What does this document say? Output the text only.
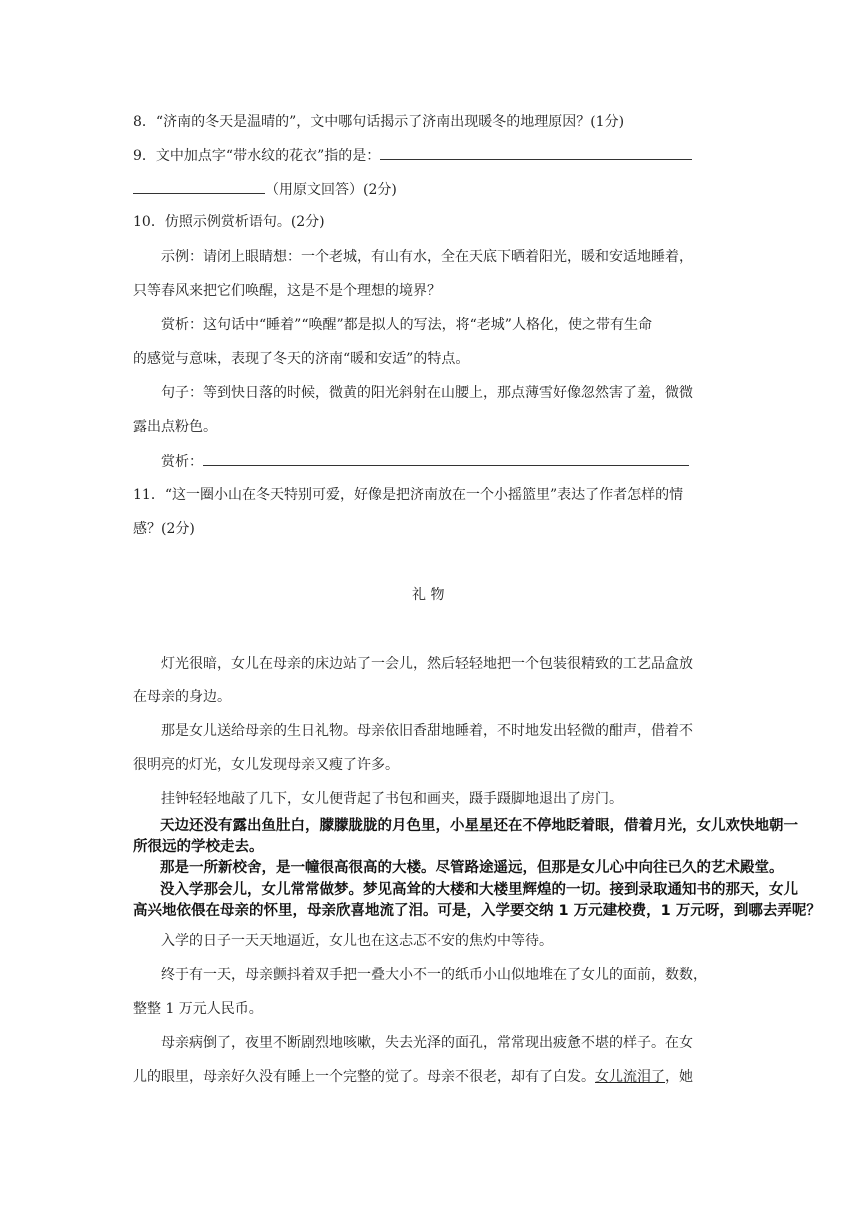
8．“济南的冬天是温晴的”，文中哪句话揭示了济南出现暖冬的地理原因？(1分)
9．文中加点字“带水纹的花衣”指的是：
（用原文回答）(2分)
10．仿照示例赏析语句。(2分)
示例：请闭上眼睛想：一个老城，有山有水，全在天底下晒着阳光，暖和安适地睡着，
只等春风来把它们唤醒，这是不是个理想的境界？
赏析：这句话中“睡着”“唤醒”都是拟人的写法，将“老城”人格化，使之带有生命
的感觉与意味，表现了冬天的济南“暖和安适”的特点。
句子：等到快日落的时候，微黄的阳光斜射在山腰上，那点薄雪好像忽然害了羞，微微
露出点粉色。
赏析：
11．“这一圈小山在冬天特别可爱，好像是把济南放在一个小摇篮里”表达了作者怎样的情
感？(2分)
礼 物
灯光很暗，女儿在母亲的床边站了一会儿，然后轻轻地把一个包装很精致的工艺品盒放
在母亲的身边。
那是女儿送给母亲的生日礼物。母亲依旧香甜地睡着，不时地发出轻微的酣声，借着不
很明亮的灯光，女儿发现母亲又瘦了许多。
挂钟轻轻地敲了几下，女儿便背起了书包和画夹，蹑手蹑脚地退出了房门。
天边还没有露出鱼肚白，朦朦胧胧的月色里，小星星还在不停地眨着眼，借着月光，女儿欢快地朝一
所很远的学校走去。
那是一所新校舍，是一幢很高很高的大楼。尽管路途遥远，但那是女儿心中向往已久的艺术殿堂。
没入学那会儿，女儿常常做梦。梦见高耸的大楼和大楼里辉煌的一切。接到录取通知书的那天，女儿
高兴地依偎在母亲的怀里，母亲欣喜地流了泪。可是，入学要交纳 1 万元建校费，1 万元呀，到哪去弄呢？
入学的日子一天天地逼近，女儿也在这忐忑不安的焦灼中等待。
终于有一天，母亲颤抖着双手把一叠大小不一的纸币小山似地堆在了女儿的面前，数数，
整整 1 万元人民币。
母亲病倒了，夜里不断剧烈地咳嗽，失去光泽的面孔，常常现出疲惫不堪的样子。在女
儿的眼里，母亲好久没有睡上一个完整的觉了。母亲不很老，却有了白发。女儿流泪了，她
